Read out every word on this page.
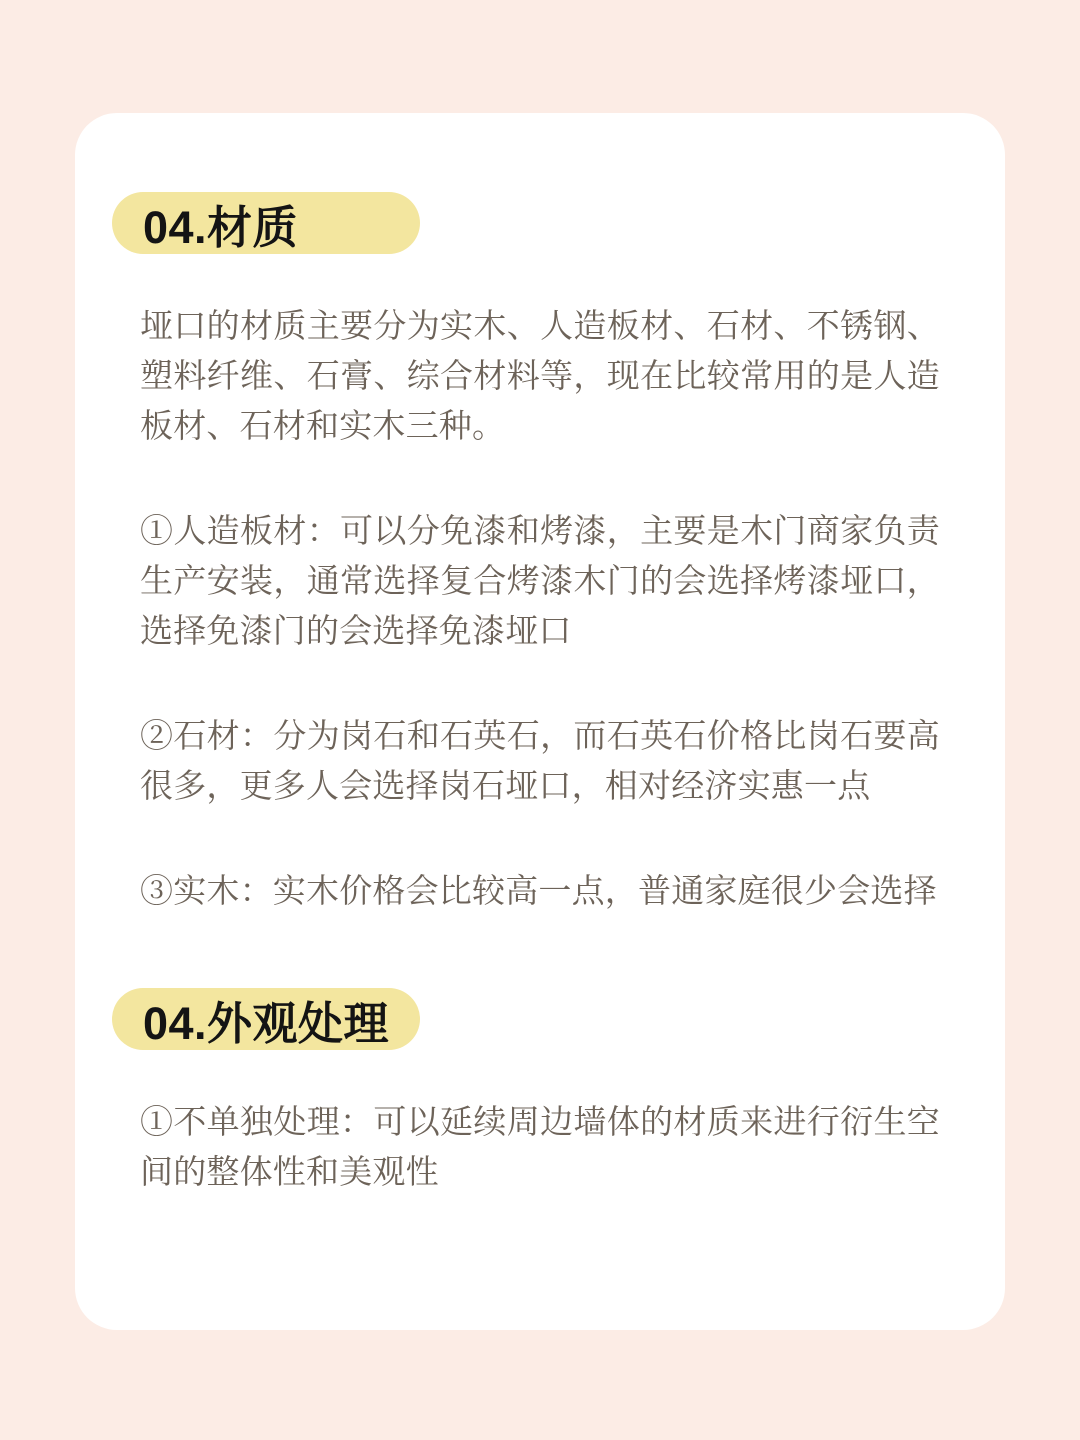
04.材质

垭口的材质主要分为实木、人造板材、石材、不锈钢、塑料纤维、石膏、综合材料等，现在比较常用的是人造板材、石材和实木三种。

①人造板材：可以分免漆和烤漆，主要是木门商家负责生产安装，通常选择复合烤漆木门的会选择烤漆垭口，选择免漆门的会选择免漆垭口

②石材：分为岗石和石英石，而石英石价格比岗石要高很多，更多人会选择岗石垭口，相对经济实惠一点

③实木：实木价格会比较高一点，普通家庭很少会选择

04.外观处理

①不单独处理：可以延续周边墙体的材质来进行衍生空间的整体性和美观性
